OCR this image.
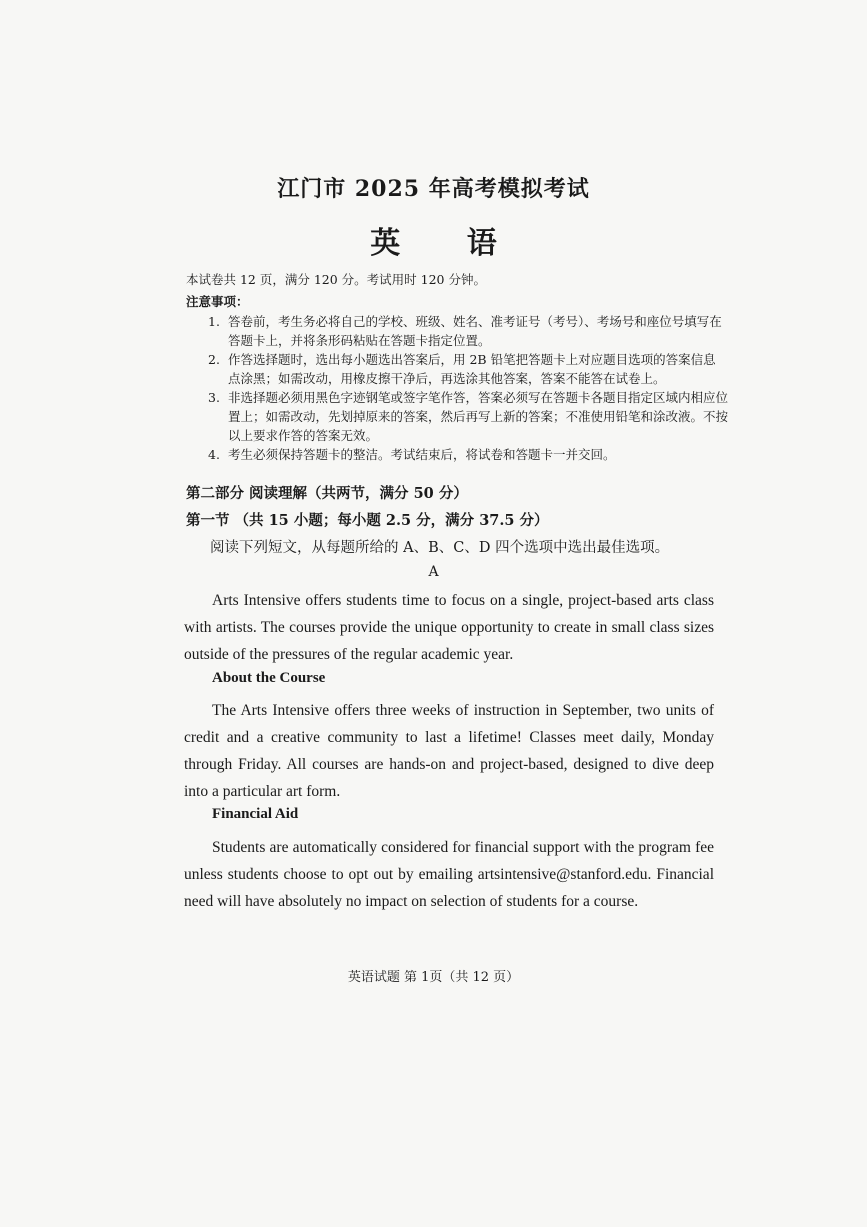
江门市 2025 年高考模拟考试
英 语
本试卷共 12 页，满分 120 分。考试用时 120 分钟。
注意事项：

1. 答卷前，考生务必将自己的学校、班级、姓名、准考证号（考号）、考场号和座位号填写在答题卡上，并将条形码粘贴在答题卡指定位置。

2. 作答选择题时，选出每小题选出答案后，用 2B 铅笔把答题卡上对应题目选项的答案信息点涂黑；如需改动，用橡皮擦干净后，再选涂其他答案，答案不能答在试卷上。

3. 非选择题必须用黑色字迹钢笔或签字笔作答，答案必须写在答题卡各题目指定区域内相应位置上；如需改动，先划掉原来的答案，然后再写上新的答案；不准使用铅笔和涂改液。不按以上要求作答的答案无效。

4. 考生必须保持答题卡的整洁。考试结束后，将试卷和答题卡一并交回。

第二部分 阅读理解（共两节，满分 50 分）
第一节 （共 15 小题；每小题 2.5 分，满分 37.5 分）
阅读下列短文，从每题所给的 A、B、C、D 四个选项中选出最佳选项。
A

Arts Intensive offers students time to focus on a single, project-based arts class with artists. The courses provide the unique opportunity to create in small class sizes outside of the pressures of the regular academic year.

About the Course

The Arts Intensive offers three weeks of instruction in September, two units of credit and a creative community to last a lifetime! Classes meet daily, Monday through Friday. All courses are hands-on and project-based, designed to dive deep into a particular art form.

Financial Aid

Students are automatically considered for financial support with the program fee unless students choose to opt out by emailing artsintensive@stanford.edu. Financial need will have absolutely no impact on selection of students for a course.

英语试题 第 1页（共 12 页）
